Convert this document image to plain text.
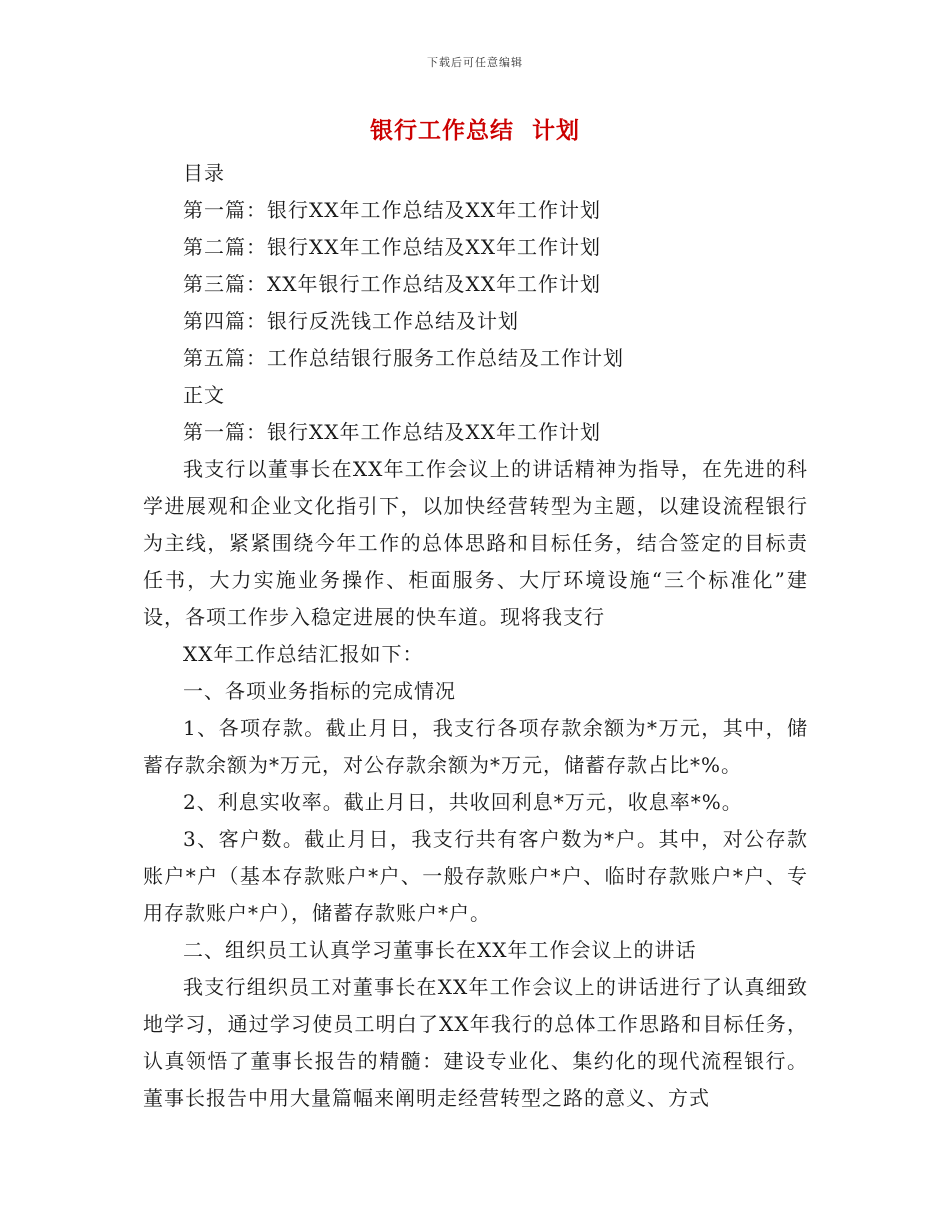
下载后可任意编辑
银行工作总结  计划

目录

第一篇：银行XX年工作总结及XX年工作计划

第二篇：银行XX年工作总结及XX年工作计划

第三篇：XX年银行工作总结及XX年工作计划

第四篇：银行反洗钱工作总结及计划

第五篇：工作总结银行服务工作总结及工作计划

正文

第一篇：银行XX年工作总结及XX年工作计划

我支行以董事长在XX年工作会议上的讲话精神为指导，在先进的科学进展观和企业文化指引下，以加快经营转型为主题，以建设流程银行为主线，紧紧围绕今年工作的总体思路和目标任务，结合签定的目标责任书，大力实施业务操作、柜面服务、大厅环境设施“三个标准化”建设，各项工作步入稳定进展的快车道。现将我支行

XX年工作总结汇报如下：

一、各项业务指标的完成情况

1、各项存款。截止月日，我支行各项存款余额为*万元，其中，储蓄存款余额为*万元，对公存款余额为*万元，储蓄存款占比*%。

2、利息实收率。截止月日，共收回利息*万元，收息率*%。

3、客户数。截止月日，我支行共有客户数为*户。其中，对公存款账户*户（基本存款账户*户、一般存款账户*户、临时存款账户*户、专用存款账户*户），储蓄存款账户*户。

二、组织员工认真学习董事长在XX年工作会议上的讲话

我支行组织员工对董事长在XX年工作会议上的讲话进行了认真细致地学习，通过学习使员工明白了XX年我行的总体工作思路和目标任务，认真领悟了董事长报告的精髓：建设专业化、集约化的现代流程银行。董事长报告中用大量篇幅来阐明走经营转型之路的意义、方式
